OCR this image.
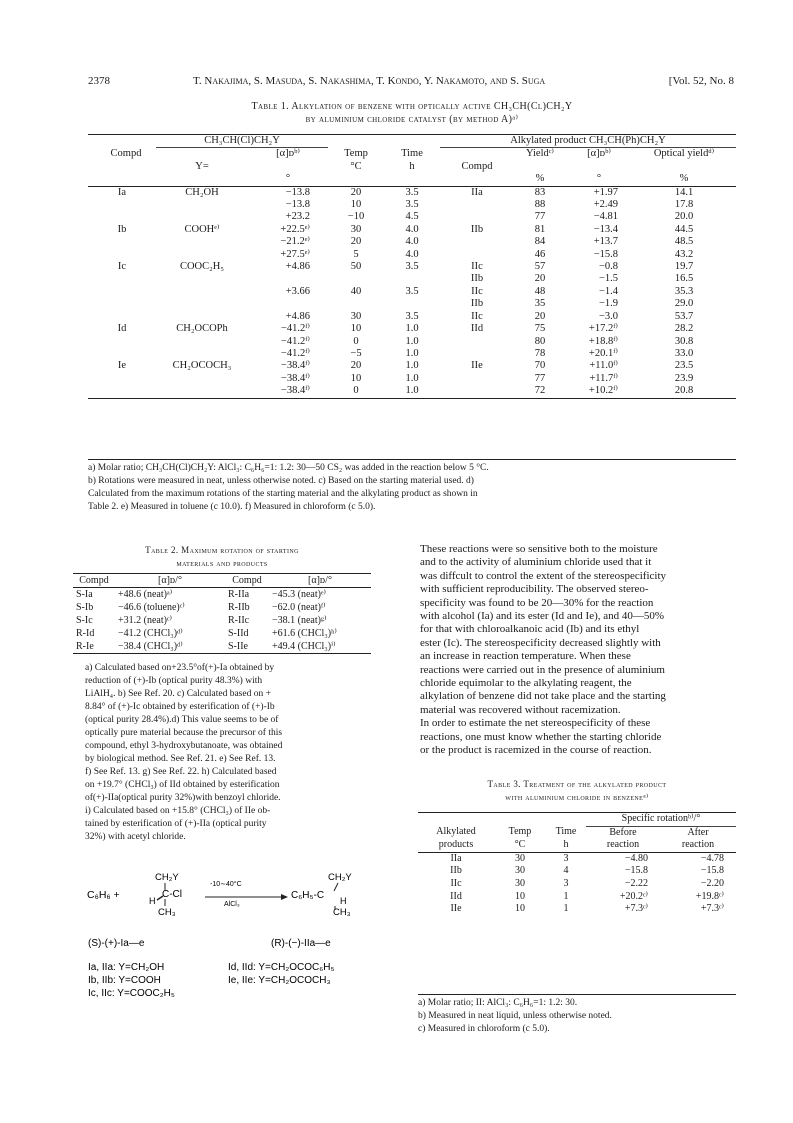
2378	T. Nakajima, S. Masuda, S. Nakashima, T. Kondo, Y. Nakamoto, and S. Suga	[Vol. 52, No. 8
Table 1. Alkylation of benzene with optically active CH₃CH(Cl)CH₂Y
by aluminium chloride catalyst (by method A)ᵃ⁾
	CH₃CH(Cl)CH₂Y				Alkylated product CH₃CH(Ph)CH₂Y			
Compd		[α]ᴅᵇ⁾	Temp	Time		Yieldᶜ⁾	[α]ᴅᵇ⁾	Optical yieldᵈ⁾
	Y=		°C	h	Compd			
		°				%	°	%
Ia	CH₂OH	−13.8	20	3.5	IIa	83	+1.97	14.1
		−13.8	10	3.5		88	+2.49	17.8
		+23.2	−10	4.5		77	−4.81	20.0
Ib	COOHᵉ⁾	+22.5ᵉ⁾	30	4.0	IIb	81	−13.4	44.5
		−21.2ᵉ⁾	20	4.0		84	+13.7	48.5
		+27.5ᵉ⁾	5	4.0		46	−15.8	43.2
Ic	COOC₂H₅	+4.86	50	3.5	IIc	57	−0.8	19.7
					IIb	20	−1.5	16.5
		+3.66	40	3.5	IIc	48	−1.4	35.3
					IIb	35	−1.9	29.0
		+4.86	30	3.5	IIc	20	−3.0	53.7
Id	CH₂OCOPh	−41.2ᶠ⁾	10	1.0	IId	75	+17.2ᶠ⁾	28.2
		−41.2ᶠ⁾	0	1.0		80	+18.8ᶠ⁾	30.8
		−41.2ᶠ⁾	−5	1.0		78	+20.1ᶠ⁾	33.0
Ie	CH₂OCOCH₃	−38.4ᶠ⁾	20	1.0	IIe	70	+11.0ᶠ⁾	23.5
		−38.4ᶠ⁾	10	1.0		77	+11.7ᶠ⁾	23.9
		−38.4ᶠ⁾	0	1.0		72	+10.2ᶠ⁾	20.8
a) Molar ratio; CH₃CH(Cl)CH₂Y: AlCl₃: C₆H₆=1: 1.2: 30—50 CS₂ was added in the reaction below 5 °C.
b) Rotations were measured in neat, unless otherwise noted. c) Based on the starting material used. d)
Calculated from the maximum rotations of the starting material and the alkylating product as shown in
Table 2. e) Measured in toluene (c 10.0). f) Measured in chloroform (c 5.0).
Table 2. Maximum rotation of starting
materials and products
Compd	[α]ᴅ/°	Compd	[α]ᴅ/°
S-Ia	+48.6 (neat)ᵃ⁾	R-IIa	−45.3 (neat)ᵉ⁾
S-Ib	−46.6 (toluene)ᶜ⁾	R-IIb	−62.0 (neat)ᶠ⁾
S-Ic	+31.2 (neat)ᶜ⁾	R-IIc	−38.1 (neat)ᵍ⁾
R-Id	−41.2 (CHCl₃)ᵈ⁾	S-IId	+61.6 (CHCl₃)ʰ⁾
R-Ie	−38.4 (CHCl₃)ᵈ⁾	S-IIe	+49.4 (CHCl₃)ⁱ⁾
a) Calculated based on+23.5°of(+)-Ia obtained by
reduction of (+)-Ib (optical purity 48.3%) with
LiAlH₄. b) See Ref. 20. c) Calculated based on +
8.84° of (+)-Ic obtained by esterification of (+)-Ib
(optical purity 28.4%).d) This value seems to be of
optically pure material because the precursor of this
compound, ethyl 3-hydroxybutanoate, was obtained
by biological method. See Ref. 21. e) See Ref. 13.
f) See Ref. 13. g) See Ref. 22. h) Calculated based
on +19.7° (CHCl₃) of IId obtained by esterification
of(+)-IIa(optical purity 32%)with benzoyl chloride.
i) Calculated based on +15.8° (CHCl₃) of IIe ob-
tained by esterification of (+)-IIa (optical purity
32%) with acetyl chloride.
C₆H₆ +
CH₂Y
C-Cl
H
CH₃
-10∼40°C
AlCl₃
C₆H₅-C
CH₂Y
H
CH₃
(S)-(+)-Ia—e	(R)-(−)-IIa—e
Ia, IIa: Y=CH₂OH	Id, IId: Y=CH₂OCOC₆H₅
Ib, IIb: Y=COOH	Ie, IIe: Y=CH₂OCOCH₃
Ic, IIc: Y=COOC₂H₅
These reactions were so sensitive both to the moisture
and to the activity of aluminium chloride used that it
was diffcult to control the extent of the stereospecificity
with sufficient reproducibility. The observed stereo-
specificity was found to be 20—30% for the reaction
with alcohol (Ia) and its ester (Id and Ie), and 40—50%
for that with chloroalkanoic acid (Ib) and its ethyl
ester (Ic). The stereospecificity decreased slightly with
an increase in reaction temperature. When these
reactions were carried out in the presence of aluminium
chloride equimolar to the alkylating reagent, the
alkylation of benzene did not take place and the starting
material was recovered without racemization.
In order to estimate the net stereospecificity of these
reactions, one must know whether the starting chloride
or the product is racemized in the course of reaction.
Table 3. Treatment of the alkylated product
with aluminium chloride in benzeneᵃ⁾
			Specific rotationᵇ⁾/°	
Alkylated	Temp	Time	Before	After
products	°C	h	reaction	reaction
IIa	30	3	−4.80	−4.78
IIb	30	4	−15.8	−15.8
IIc	30	3	−2.22	−2.20
IId	10	1	+20.2ᶜ⁾	+19.8ᶜ⁾
IIe	10	1	+7.3ᶜ⁾	+7.3ᶜ⁾
a) Molar ratio; II: AlCl₃: C₆H₆=1: 1.2: 30.
b) Measured in neat liquid, unless otherwise noted.
c) Measured in chloroform (c 5.0).
